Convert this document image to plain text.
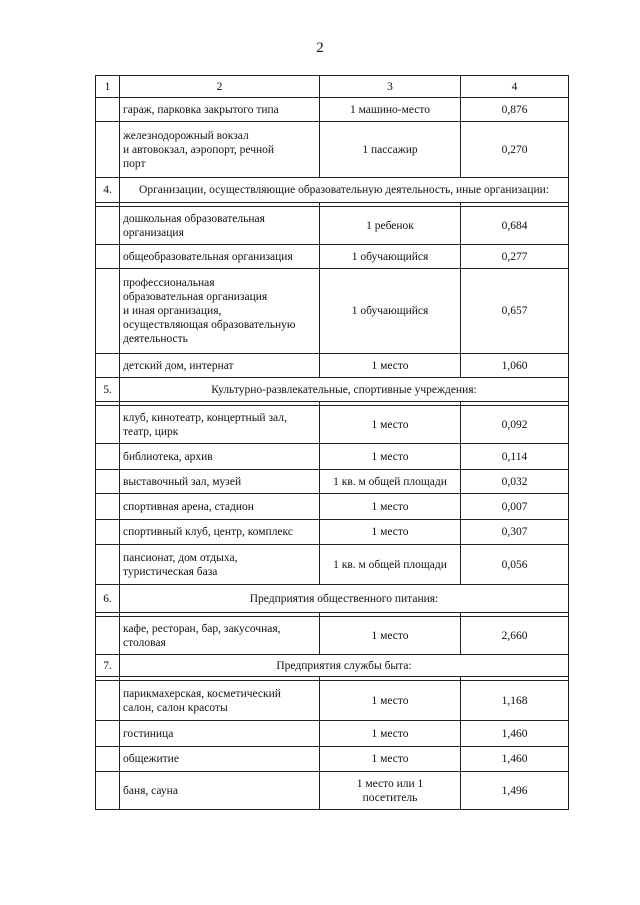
2
1	2	3	4
	гараж, парковка закрытого типа	1 машино-место	0,876
	железнодорожный вокзал
и автовокзал, аэропорт, речной
порт	1 пассажир	0,270
4.	Организации, осуществляющие образовательную деятельность, иные организации:		

	дошкольная образовательная
организация	1 ребенок	0,684
	общеобразовательная организация	1 обучающийся	0,277
	профессиональная
образовательная организация
и иная организация,
осуществляющая образовательную
деятельность	1 обучающийся	0,657
	детский дом, интернат	1 место	1,060
5.	Культурно-развлекательные, спортивные учреждения:		

	клуб, кинотеатр, концертный зал,
театр, цирк	1 место	0,092
	библиотека, архив	1 место	0,114
	выставочный зал, музей	1 кв. м общей площади	0,032
	спортивная арена, стадион	1 место	0,007
	спортивный клуб, центр, комплекс	1 место	0,307
	пансионат, дом отдыха,
туристическая база	1 кв. м общей площади	0,056
6.	Предприятия общественного питания:		

	кафе, ресторан, бар, закусочная,
столовая	1 место	2,660
7.	Предприятия службы быта:		

	парикмахерская, косметический
салон, салон красоты	1 место	1,168
	гостиница	1 место	1,460
	общежитие	1 место	1,460
	баня, сауна	1 место или 1
посетитель	1,496
